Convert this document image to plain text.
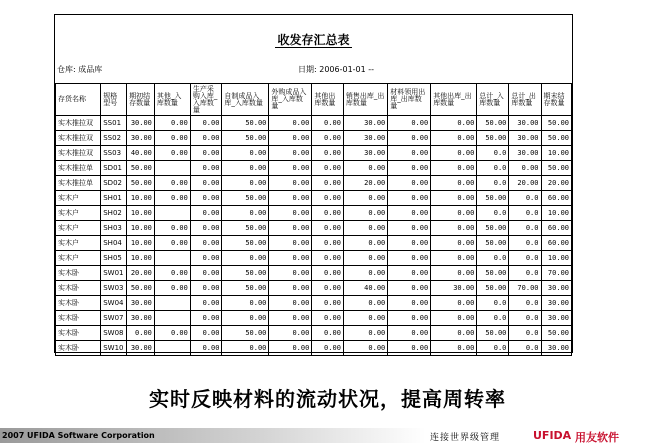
收发存汇总表
仓库: 成品库	日期: 2006-01-01 --
存货名称	规格型号	期初结存数量	其他_入库数量	生产采购入库_入库数量	自制成品入库_入库数量	外购成品入库_入库数量	其他出库数量	销售出库_出库数量	材料领用出库_出库数量	其他出库_出库数量	总计_入库数量	总计_出库数量	期末结存数量
实木推拉双	SS01	30.00	0.00	0.00	50.00	0.00	0.00	30.00	0.00	0.00	50.00	30.00	50.00
实木推拉双	SS02	30.00	0.00	0.00	50.00	0.00	0.00	30.00	0.00	0.00	50.00	30.00	50.00
实木推拉双	SS03	40.00	0.00	0.00	0.00	0.00	0.00	30.00	0.00	0.00	0.0	30.00	10.00
实木推拉单	SD01	50.00		0.00	0.00	0.00	0.00	0.00	0.00	0.00	0.0	0.00	50.00
实木推拉单	SD02	50.00	0.00	0.00	0.00	0.00	0.00	20.00	0.00	0.00	0.0	20.00	20.00
实木户	SH01	10.00	0.00	0.00	50.00	0.00	0.00	0.00	0.00	0.00	50.00	0.0	60.00
实木户	SH02	10.00		0.00	0.00	0.00	0.00	0.00	0.00	0.00	0.0	0.0	10.00
实木户	SH03	10.00	0.00	0.00	50.00	0.00	0.00	0.00	0.00	0.00	50.00	0.0	60.00
实木户	SH04	10.00	0.00	0.00	50.00	0.00	0.00	0.00	0.00	0.00	50.00	0.0	60.00
实木户	SH05	10.00		0.00	0.00	0.00	0.00	0.00	0.00	0.00	0.0	0.0	10.00
实木卧	SW01	20.00	0.00	0.00	50.00	0.00	0.00	0.00	0.00	0.00	50.00	0.0	70.00
实木卧	SW03	50.00	0.00	0.00	50.00	0.00	0.00	40.00	0.00	30.00	50.00	70.00	30.00
实木卧	SW04	30.00		0.00	0.00	0.00	0.00	0.00	0.00	0.00	0.0	0.0	30.00
实木卧	SW07	30.00		0.00	0.00	0.00	0.00	0.00	0.00	0.00	0.0	0.0	30.00
实木卧	SW08	0.00	0.00	0.00	50.00	0.00	0.00	0.00	0.00	0.00	50.00	0.0	50.00
实木卧	SW10	30.00		0.00	0.00	0.00	0.00	0.00	0.00	0.00	0.0	0.0	30.00
实时反映材料的流动状况，提高周转率
2007 UFIDA Software Corporation	连接世界级管理	UFIDA 用友软件
